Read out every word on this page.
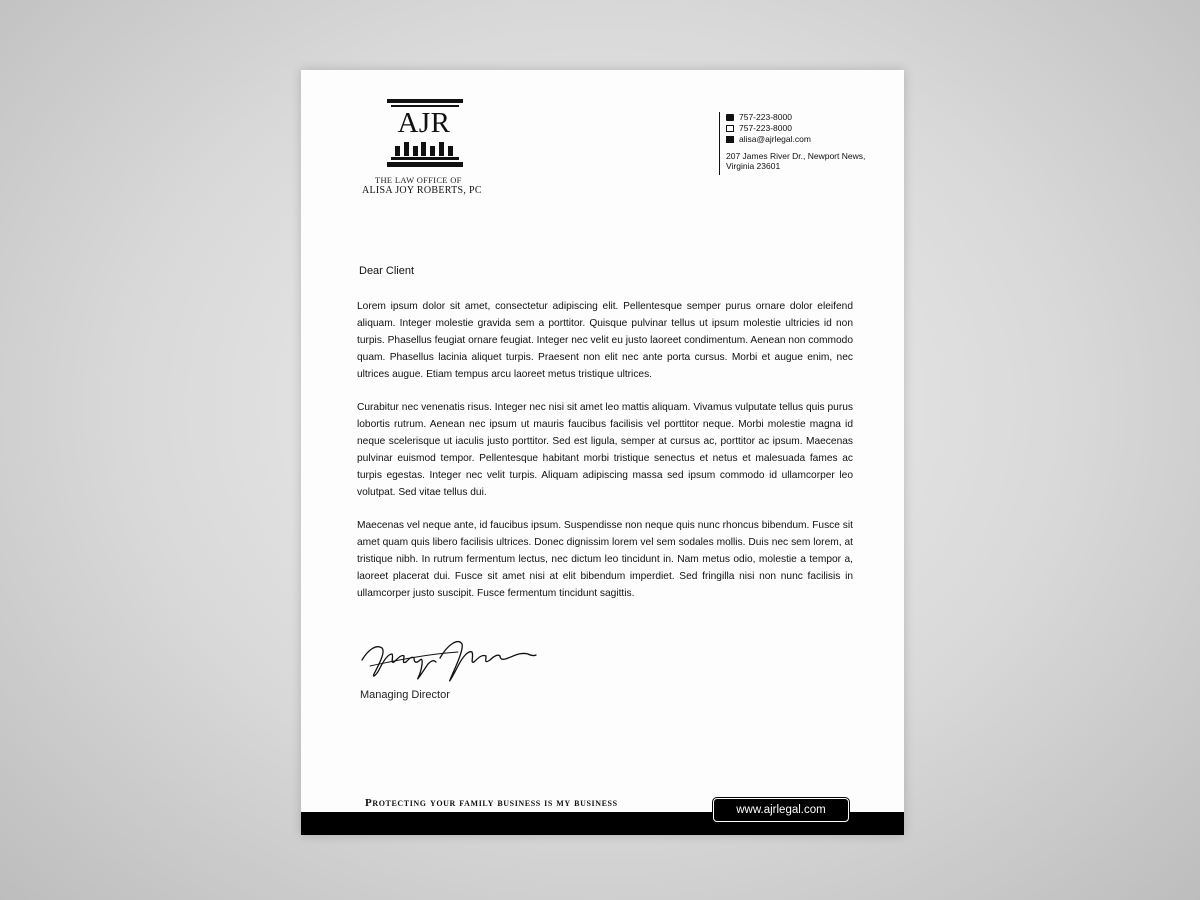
AJR
THE LAW OFFICE OF
ALISA JOY ROBERTS, PC
757-223-8000
757-223-8000
alisa@ajrlegal.com
207 James River Dr., Newport News, Virginia 23601
Dear Client

Lorem ipsum dolor sit amet, consectetur adipiscing elit. Pellentesque semper purus ornare dolor eleifend aliquam. Integer molestie gravida sem a porttitor. Quisque pulvinar tellus ut ipsum molestie ultricies id non turpis. Phasellus feugiat ornare feugiat. Integer nec velit eu justo laoreet condimentum. Aenean non commodo quam. Phasellus lacinia aliquet turpis. Praesent non elit nec ante porta cursus. Morbi et augue enim, nec ultrices augue. Etiam tempus arcu laoreet metus tristique ultrices.

Curabitur nec venenatis risus. Integer nec nisi sit amet leo mattis aliquam. Vivamus vulputate tellus quis purus lobortis rutrum. Aenean nec ipsum ut mauris faucibus facilisis vel porttitor neque. Morbi molestie magna id neque scelerisque ut iaculis justo porttitor. Sed est ligula, semper at cursus ac, porttitor ac ipsum. Maecenas pulvinar euismod tempor. Pellentesque habitant morbi tristique senectus et netus et malesuada fames ac turpis egestas. Integer nec velit turpis. Aliquam adipiscing massa sed ipsum commodo id ullamcorper leo volutpat. Sed vitae tellus dui.

Maecenas vel neque ante, id faucibus ipsum. Suspendisse non neque quis nunc rhoncus bibendum. Fusce sit amet quam quis libero facilisis ultrices. Donec dignissim lorem vel sem sodales mollis. Duis nec sem lorem, at tristique nibh. In rutrum fermentum lectus, nec dictum leo tincidunt in. Nam metus odio, molestie a tempor a, laoreet placerat dui. Fusce sit amet nisi at elit bibendum imperdiet. Sed fringilla nisi non nunc facilisis in ullamcorper justo suscipit. Fusce fermentum tincidunt sagittis.

Managing Director
Protecting your family business is my business
www.ajrlegal.com
